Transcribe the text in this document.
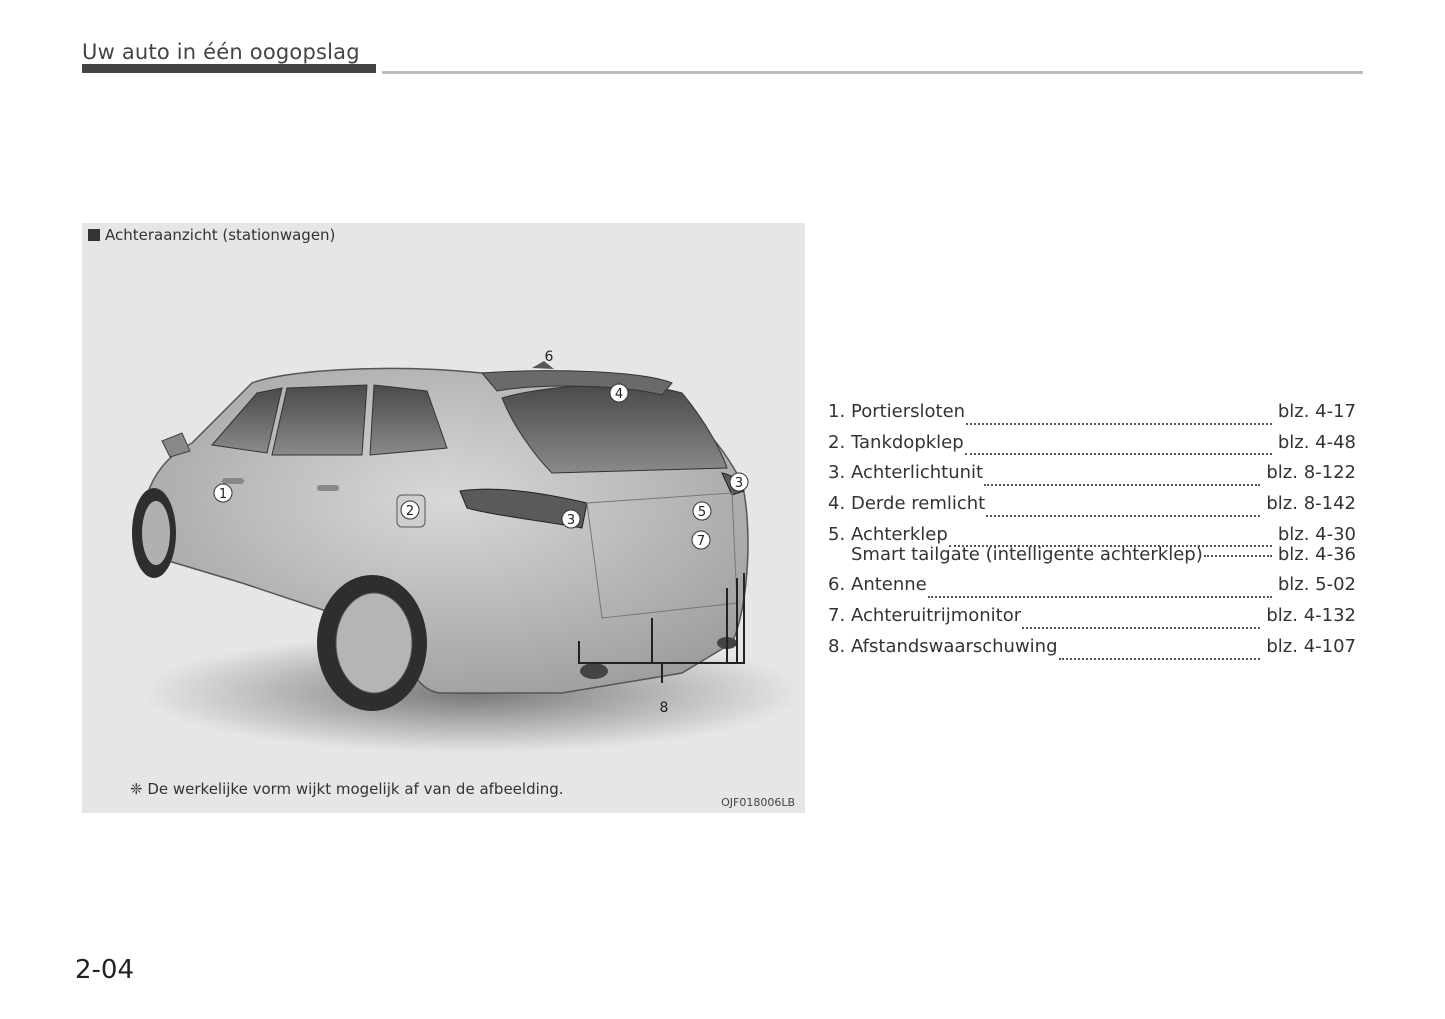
Uw auto in één oogopslag
Achteraanzicht (stationwagen)
1
2
3
3
4
5
6
7
8
❈ De werkelijke vorm wijkt mogelijk af van de afbeelding.
OJF018006LB
1. Portiersloten	blz. 4-17
2. Tankdopklep	blz. 4-48
3. Achterlichtunit	blz. 8-122
4. Derde remlicht	blz. 8-142
5. Achterklep	blz. 4-30
Smart tailgate (intelligente achterklep)	blz. 4-36
6. Antenne	blz. 5-02
7. Achteruitrijmonitor	blz. 4-132
8. Afstandswaarschuwing	blz. 4-107
2-04
